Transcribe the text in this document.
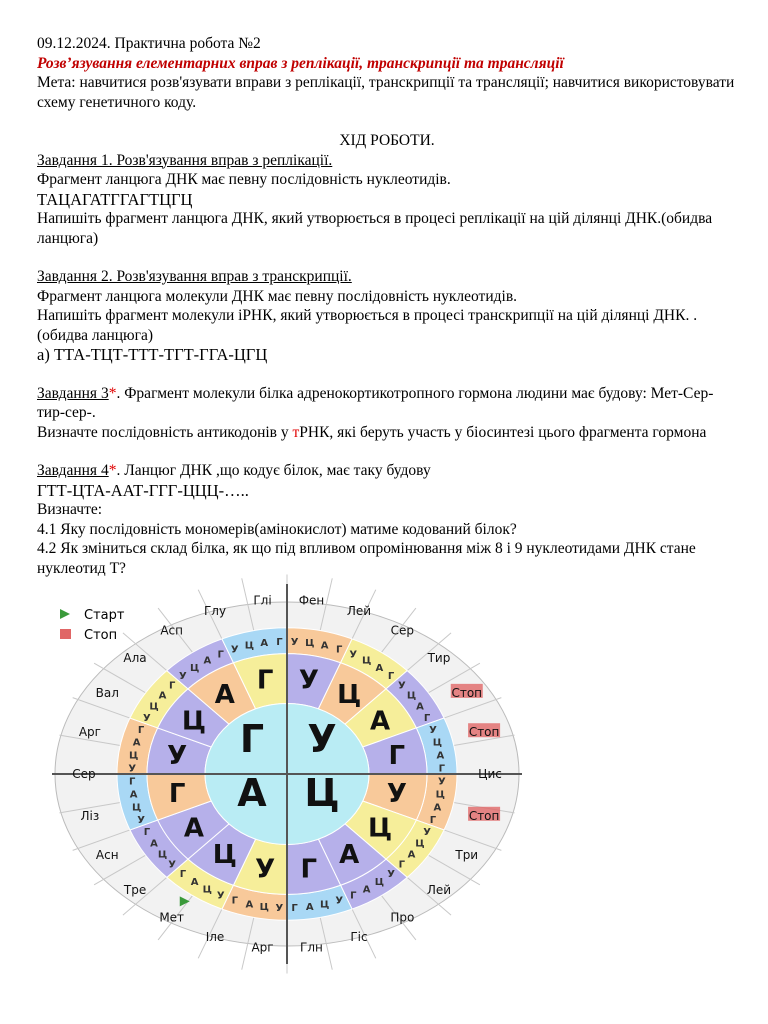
09.12.2024. Практична робота №2
Розв’язування елементарних вправ з реплікації, транскрипції та трансляції
Мета: навчитися розв'язувати вправи з реплікації, транскрипції та трансляції; навчитися використовувати схему генетичного коду.
ХІД РОБОТИ.
Завдання 1. Розв'язування вправ з реплікації.
Фрагмент ланцюга ДНК має певну послідовність нуклеотидів.
ТАЦАГАТГГАГТЦГЦ
Напишіть фрагмент ланцюга ДНК, який утворюється в процесі реплікації на цій ділянці ДНК.(обидва ланцюга)
Завдання 2. Розв'язування вправ з транскрипції.
Фрагмент ланцюга молекули ДНК має певну послідовність нуклеотидів.
Напишіть фрагмент молекули іРНК, який утворюється в процесі транскрипції на цій ділянці ДНК. .(обидва ланцюга)
а) ТТА-ТЦТ-ТТТ-ТГТ-ГГА-ЦГЦ
Завдання 3*. Фрагмент молекули білка адренокортикотропного гормона людини має будову: Мет-Сер-тир-сер-.
Визначте послідовність антикодонів у тРНК, які беруть участь у біосинтезі цього фрагмента гормона
Завдання 4*. Ланцюг ДНК ,що кодує білок, має таку будову
ГТТ-ЦТА-ААТ-ГГГ-ЦЦЦ-…..
Визначте:
4.1 Яку послідовність мономерів(амінокислот) матиме кодований білок?
4.2 Як зміниться склад білка, як що під впливом опромінювання між 8 і 9 нуклеотидами ДНК стане нуклеотид Т?
Старт
Стоп	У Ц А Г У
Ц
А
Г
У
Ц
А
Г
У
Ц
А
Г
У
Ц
А
Г
У
Ц
А
Г
У
Ц
А
Г
У
Ц
А
Г
У
Ц
А
Г
У
Ц
А
Г
У
Ц
А
Г
У
Ц
А
Г
У
Ц
А
Г
У
Ц
А
Г
У
Ц
А
Г У Ц А Г
У Ц
А
Г
У
Ц
А
Г
У
Ц
А
Г
У
Ц
А Г
Г У
Ц
А
Фен
Лей
Сер
Тир
Стоп
Стоп
Цис
Стоп
Три
Лей
Про
Гіс
Глн
Арг
Іле
Мет
Тре
Асн
Ліз
Сер
Арг
Вал
Ала
Асп
Глу
Глі
